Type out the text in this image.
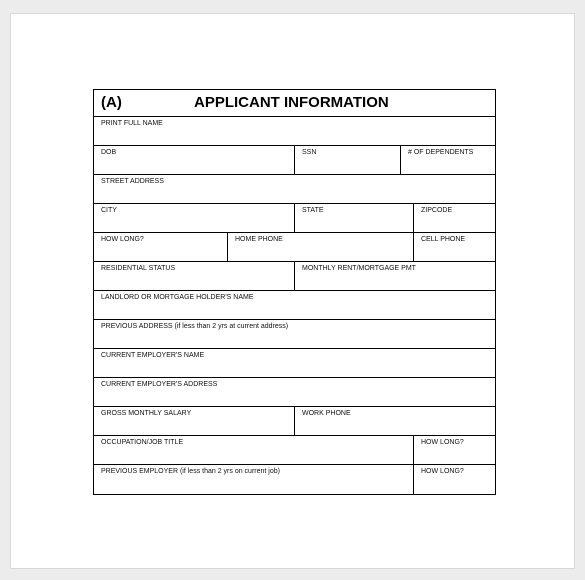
(A)	APPLICANT INFORMATION
PRINT FULL NAME
DOB	SSN	# OF DEPENDENTS
STREET ADDRESS
CITY	STATE	ZIPCODE
HOW LONG?	HOME PHONE	CELL PHONE
RESIDENTIAL STATUS	MONTHLY RENT/MORTGAGE PMT
LANDLORD OR MORTGAGE HOLDER'S NAME
PREVIOUS ADDRESS (if less than 2 yrs at current address)
CURRENT EMPLOYER'S NAME
CURRENT EMPLOYER'S ADDRESS
GROSS MONTHLY SALARY	WORK PHONE
OCCUPATION/JOB TITLE	HOW LONG?
PREVIOUS EMPLOYER (if less than 2 yrs on current job)	HOW LONG?
